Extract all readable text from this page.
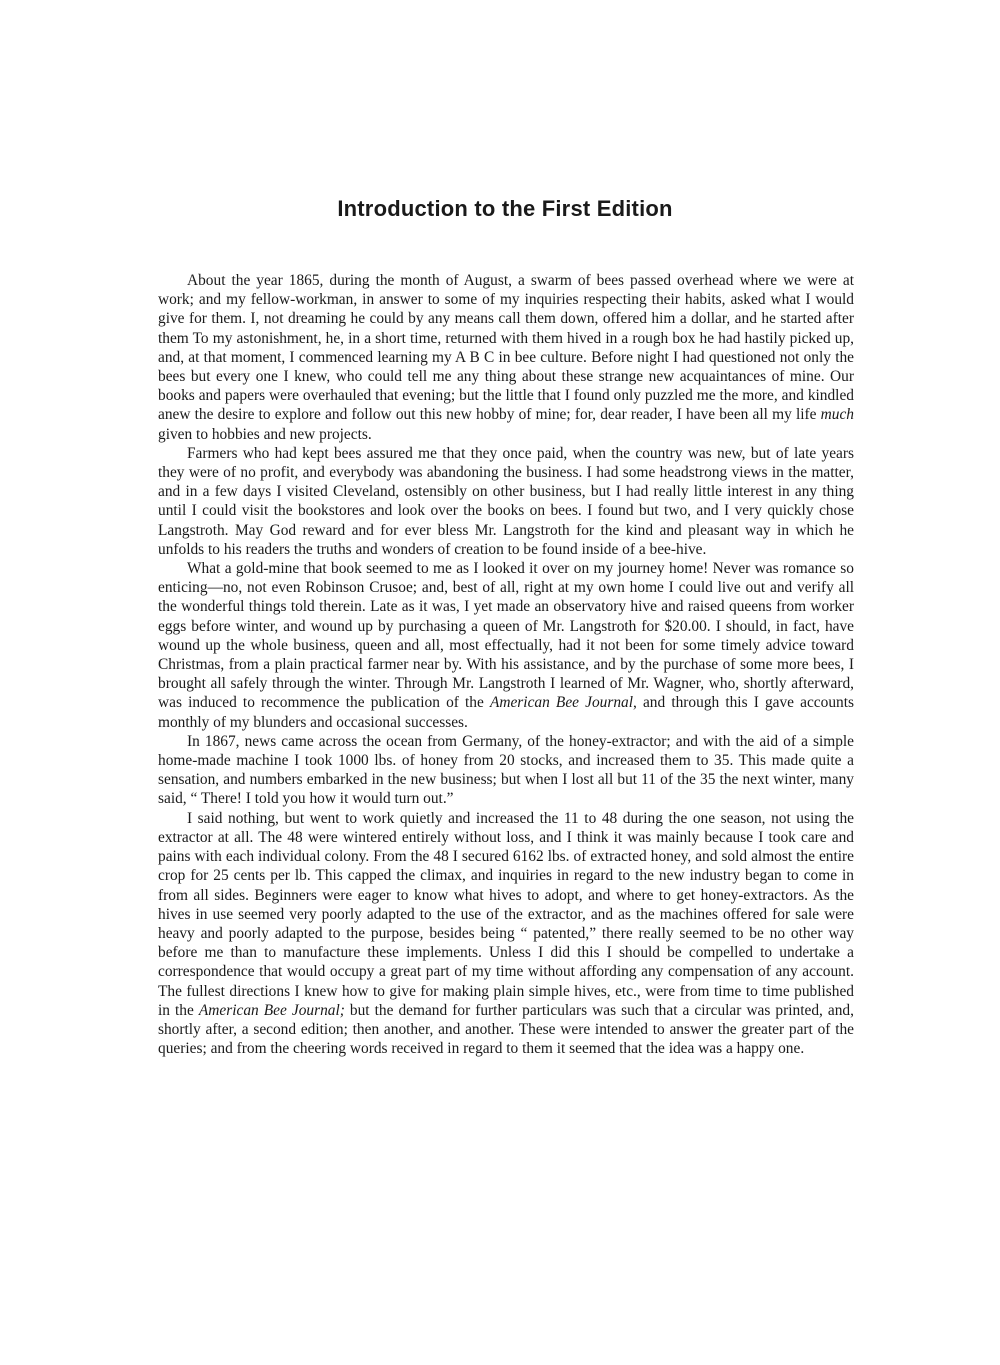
Introduction to the First Edition

About the year 1865, during the month of August, a swarm of bees passed overhead where we were at work; and my fellow-workman, in answer to some of my inquiries respecting their habits, asked what I would give for them. I, not dreaming he could by any means call them down, offered him a dollar, and he started after them To my astonishment, he, in a short time, returned with them hived in a rough box he had hastily picked up, and, at that moment, I commenced learning my A B C in bee culture. Before night I had questioned not only the bees but every one I knew, who could tell me any thing about these strange new acquaintances of mine. Our books and papers were overhauled that evening; but the little that I found only puzzled me the more, and kindled anew the desire to explore and follow out this new hobby of mine; for, dear reader, I have been all my life much given to hobbies and new projects.

Farmers who had kept bees assured me that they once paid, when the country was new, but of late years they were of no profit, and everybody was abandoning the business. I had some headstrong views in the matter, and in a few days I visited Cleveland, ostensibly on other business, but I had really little interest in any thing until I could visit the bookstores and look over the books on bees. I found but two, and I very quickly chose Langstroth. May God reward and for ever bless Mr. Langstroth for the kind and pleasant way in which he unfolds to his readers the truths and wonders of creation to be found inside of a bee-hive.

What a gold-mine that book seemed to me as I looked it over on my journey home! Never was romance so enticing—no, not even Robinson Crusoe; and, best of all, right at my own home I could live out and verify all the wonderful things told therein. Late as it was, I yet made an observatory hive and raised queens from worker eggs before winter, and wound up by purchasing a queen of Mr. Langstroth for $20.00. I should, in fact, have wound up the whole business, queen and all, most effectually, had it not been for some timely advice toward Christmas, from a plain practical farmer near by. With his assistance, and by the purchase of some more bees, I brought all safely through the winter. Through Mr. Langstroth I learned of Mr. Wagner, who, shortly afterward, was induced to recommence the publication of the American Bee Journal, and through this I gave accounts monthly of my blunders and occasional successes.

In 1867, news came across the ocean from Germany, of the honey-extractor; and with the aid of a simple home-made machine I took 1000 lbs. of honey from 20 stocks, and increased them to 35. This made quite a sensation, and numbers embarked in the new business; but when I lost all but 11 of the 35 the next winter, many said, “ There! I told you how it would turn out.”

I said nothing, but went to work quietly and increased the 11 to 48 during the one season, not using the extractor at all. The 48 were wintered entirely without loss, and I think it was mainly because I took care and pains with each individual colony. From the 48 I secured 6162 lbs. of extracted honey, and sold almost the entire crop for 25 cents per lb. This capped the climax, and inquiries in regard to the new industry began to come in from all sides. Beginners were eager to know what hives to adopt, and where to get honey-extractors. As the hives in use seemed very poorly adapted to the use of the extractor, and as the machines offered for sale were heavy and poorly adapted to the purpose, besides being “ patented,” there really seemed to be no other way before me than to manufacture these implements. Unless I did this I should be compelled to undertake a correspondence that would occupy a great part of my time without affording any compensation of any account. The fullest directions I knew how to give for making plain simple hives, etc., were from time to time published in the American Bee Journal; but the demand for further particulars was such that a circular was printed, and, shortly after, a second edition; then another, and another. These were intended to answer the greater part of the queries; and from the cheering words received in regard to them it seemed that the idea was a happy one.
